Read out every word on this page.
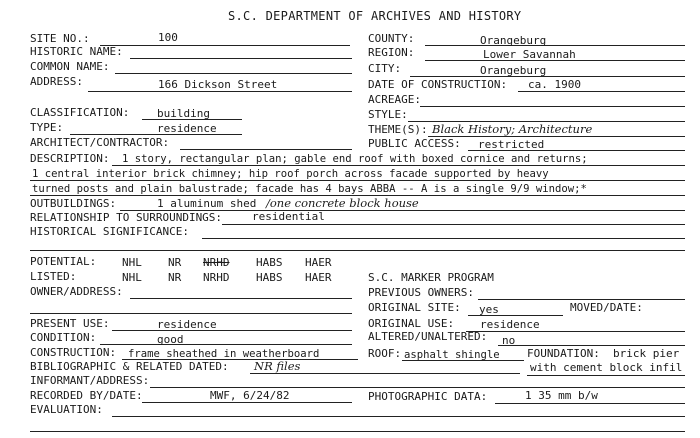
S.C. DEPARTMENT OF ARCHIVES AND HISTORY
SITE NO.:	100	COUNTY:	Orangeburg
HISTORIC NAME:	REGION:	Lower Savannah
COMMON NAME:	CITY:	Orangeburg
ADDRESS:	166 Dickson Street	DATE OF CONSTRUCTION: ca. 1900
ACREAGE:
CLASSIFICATION:	building	STYLE:
TYPE:	residence	THEME(S): Black History; Architecture
ARCHITECT/CONTRACTOR:	PUBLIC ACCESS: restricted
DESCRIPTION: 1 story, rectangular plan; gable end roof with boxed cornice and returns;
1 central interior brick chimney; hip roof porch across facade supported by heavy
turned posts and plain balustrade; facade has 4 bays ABBA -- A is a single 9/9 window;*
OUTBUILDINGS:	1 aluminum shed /one concrete block house
RELATIONSHIP TO SURROUNDINGS:	residential
HISTORICAL SIGNIFICANCE:
POTENTIAL: NHL NR NRHD HABS HAER
LISTED:	NHL NR NRHD HABS HAER	S.C. MARKER PROGRAM
OWNER/ADDRESS:	PREVIOUS OWNERS:
ORIGINAL SITE: yes	MOVED/DATE:
PRESENT USE:	residence	ORIGINAL USE: residence
CONDITION:	good	ALTERED/UNALTERED: no
CONSTRUCTION: frame sheathed in weatherboard	ROOF: asphalt shingle FOUNDATION: brick pier
with cement block infil
BIBLIOGRAPHIC & RELATED DATED: NR files
INFORMANT/ADDRESS:
RECORDED BY/DATE:	MWF, 6/24/82	PHOTOGRAPHIC DATA:	1 35 mm b/w
EVALUATION:
